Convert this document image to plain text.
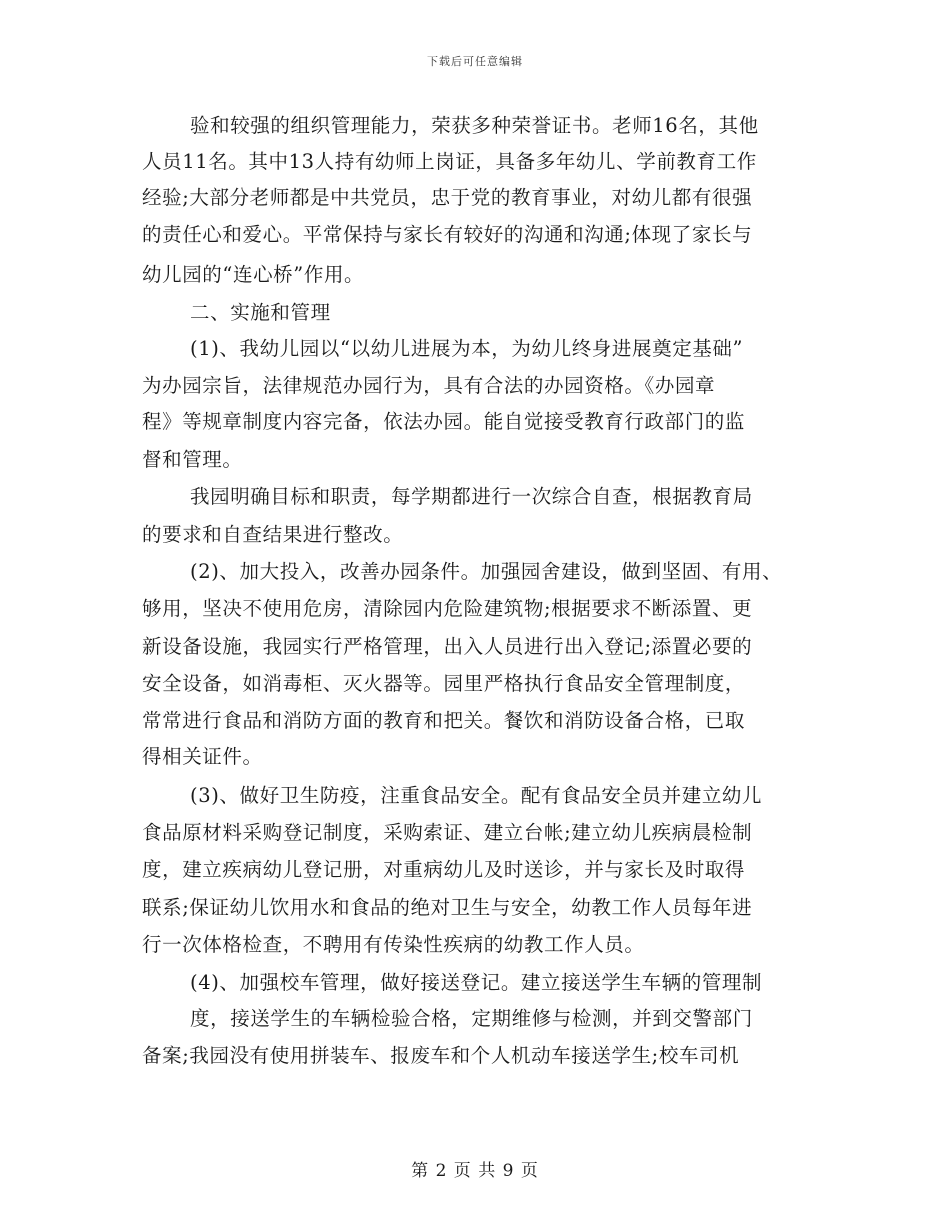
下载后可任意编辑
验和较强的组织管理能力，荣获多种荣誉证书。老师16名，其他
人员11名。其中13人持有幼师上岗证，具备多年幼儿、学前教育工作
经验;大部分老师都是中共党员，忠于党的教育事业，对幼儿都有很强
的责任心和爱心。平常保持与家长有较好的沟通和沟通;体现了家长与
幼儿园的“连心桥”作用。
二、实施和管理
(1)、我幼儿园以“以幼儿进展为本，为幼儿终身进展奠定基础”
为办园宗旨，法律规范办园行为，具有合法的办园资格。《办园章
程》等规章制度内容完备，依法办园。能自觉接受教育行政部门的监
督和管理。
我园明确目标和职责，每学期都进行一次综合自查，根据教育局
的要求和自查结果进行整改。
(2)、加大投入，改善办园条件。加强园舍建设，做到坚固、有用、
够用，坚决不使用危房，清除园内危险建筑物;根据要求不断添置、更
新设备设施，我园实行严格管理，出入人员进行出入登记;添置必要的
安全设备，如消毒柜、灭火器等。园里严格执行食品安全管理制度，
常常进行食品和消防方面的教育和把关。餐饮和消防设备合格，已取
得相关证件。
(3)、做好卫生防疫，注重食品安全。配有食品安全员并建立幼儿
食品原材料采购登记制度，采购索证、建立台帐;建立幼儿疾病晨检制
度，建立疾病幼儿登记册，对重病幼儿及时送诊，并与家长及时取得
联系;保证幼儿饮用水和食品的绝对卫生与安全，幼教工作人员每年进
行一次体格检查，不聘用有传染性疾病的幼教工作人员。
(4)、加强校车管理，做好接送登记。建立接送学生车辆的管理制
度，接送学生的车辆检验合格，定期维修与检测，并到交警部门
备案;我园没有使用拼装车、报废车和个人机动车接送学生;校车司机
第 2 页 共 9 页
